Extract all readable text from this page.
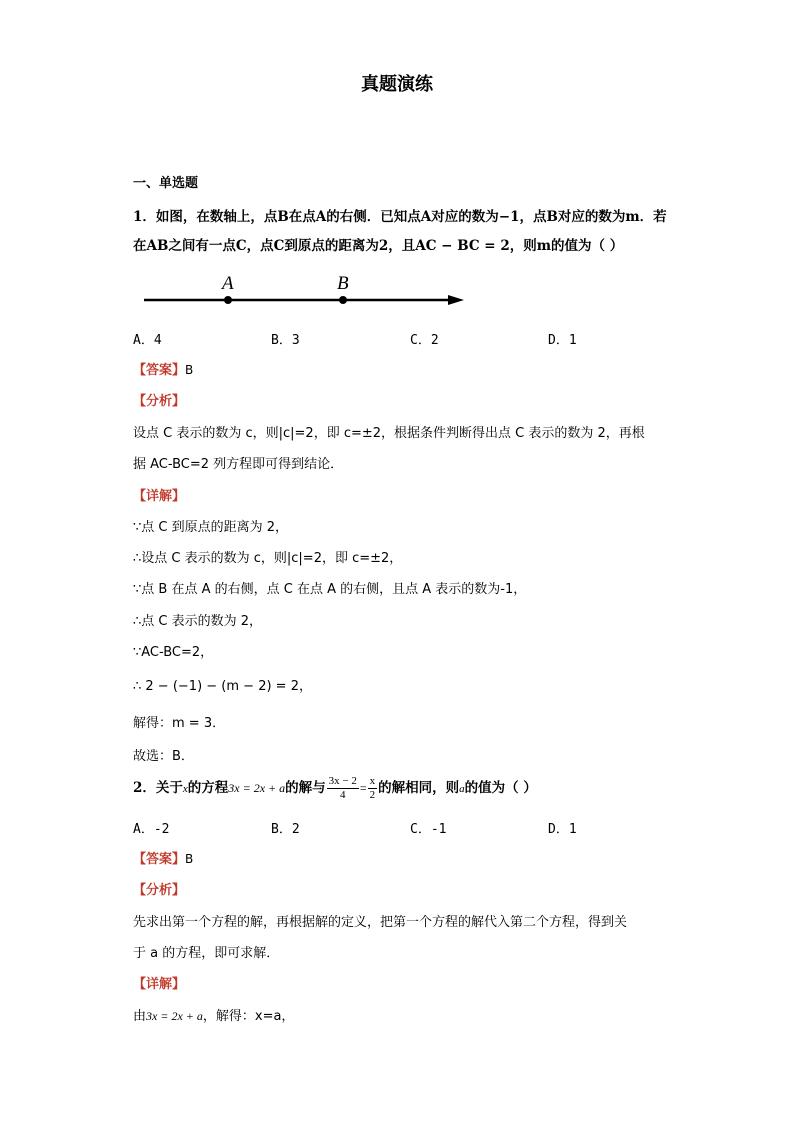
真题演练
一、单选题
1．如图，在数轴上，点B在点A的右侧．已知点A对应的数为−1，点B对应的数为m．若
在AB之间有一点C，点C到原点的距离为2，且AC − BC = 2，则m的值为（ ）
A	B
A．4	B．3	C．2	D．1
【答案】B
【分析】
设点 C 表示的数为 c，则|c|=2，即 c=±2，根据条件判断得出点 C 表示的数为 2，再根
据 AC-BC=2 列方程即可得到结论．
【详解】
∵点 C 到原点的距离为 2，
∴设点 C 表示的数为 c，则|c|=2，即 c=±2，
∵点 B 在点 A 的右侧，点 C 在点 A 的右侧，且点 A 表示的数为-1，
∴点 C 表示的数为 2，
∵AC-BC=2，
∴ 2 − (−1) − (m − 2) = 2，
解得：m = 3．
故选：B．
2．关于x的方程3x = 2x + a的解与 $\frac{3x - 2}{4} = \frac{x}{2}$ 的解相同，则a的值为（ ）
A．-2	B．2	C．-1	D．1
【答案】B
【分析】
先求出第一个方程的解，再根据解的定义，把第一个方程的解代入第二个方程，得到关
于 a 的方程，即可求解．
【详解】
由3x = 2x + a，解得：x=a，
